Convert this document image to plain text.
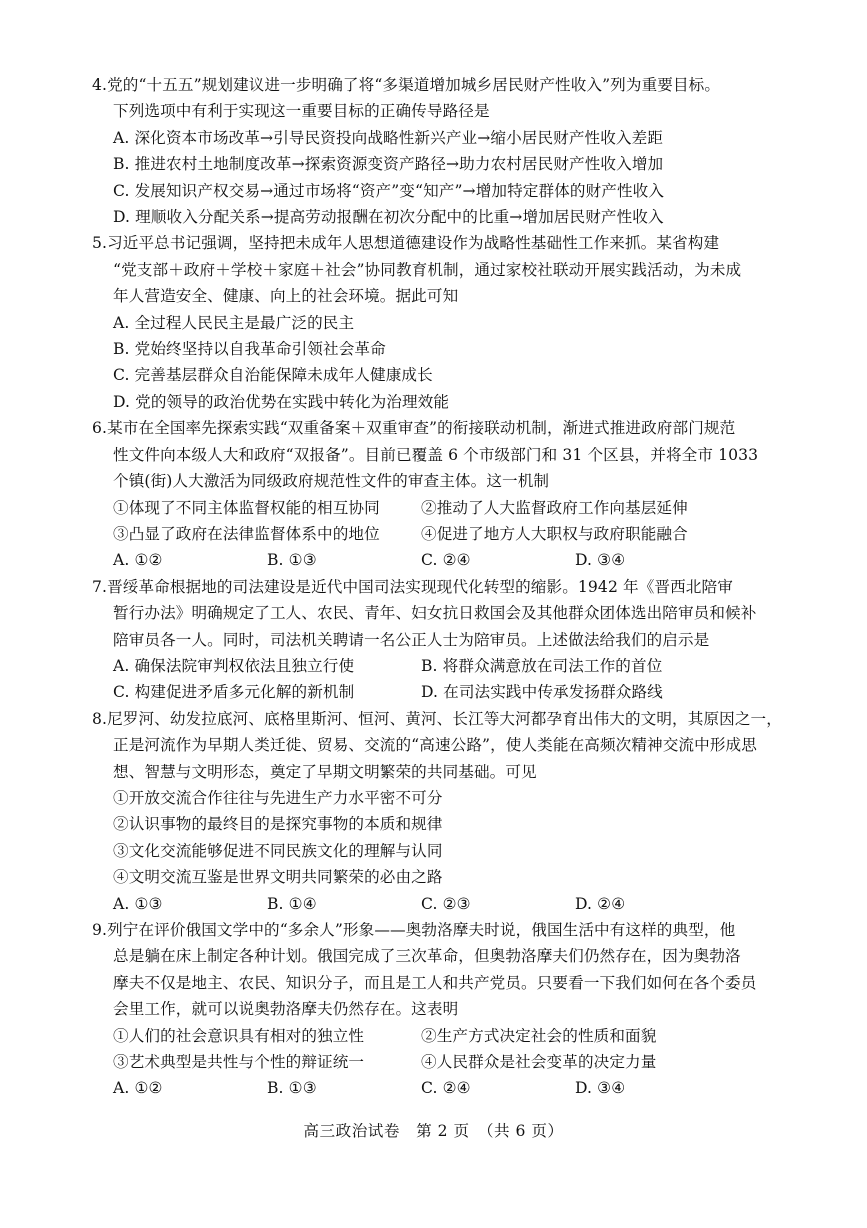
4.党的“十五五”规划建议进一步明确了将“多渠道增加城乡居民财产性收入”列为重要目标。
下列选项中有利于实现这一重要目标的正确传导路径是
A. 深化资本市场改革→引导民资投向战略性新兴产业→缩小居民财产性收入差距
B. 推进农村土地制度改革→探索资源变资产路径→助力农村居民财产性收入增加
C. 发展知识产权交易→通过市场将“资产”变“知产”→增加特定群体的财产性收入
D. 理顺收入分配关系→提高劳动报酬在初次分配中的比重→增加居民财产性收入
5.习近平总书记强调，坚持把未成年人思想道德建设作为战略性基础性工作来抓。某省构建
“党支部＋政府＋学校＋家庭＋社会”协同教育机制，通过家校社联动开展实践活动，为未成
年人营造安全、健康、向上的社会环境。据此可知
A. 全过程人民民主是最广泛的民主
B. 党始终坚持以自我革命引领社会革命
C. 完善基层群众自治能保障未成年人健康成长
D. 党的领导的政治优势在实践中转化为治理效能
6.某市在全国率先探索实践“双重备案＋双重审查”的衔接联动机制，渐进式推进政府部门规范
性文件向本级人大和政府“双报备”。目前已覆盖 6 个市级部门和 31 个区县，并将全市 1033
个镇(街)人大激活为同级政府规范性文件的审查主体。这一机制
①体现了不同主体监督权能的相互协同	②推动了人大监督政府工作向基层延伸
③凸显了政府在法律监督体系中的地位	④促进了地方人大职权与政府职能融合
A. ①②	B. ①③	C. ②④	D. ③④
7.晋绥革命根据地的司法建设是近代中国司法实现现代化转型的缩影。1942 年《晋西北陪审
暂行办法》明确规定了工人、农民、青年、妇女抗日救国会及其他群众团体选出陪审员和候补
陪审员各一人。同时，司法机关聘请一名公正人士为陪审员。上述做法给我们的启示是
A. 确保法院审判权依法且独立行使	B. 将群众满意放在司法工作的首位
C. 构建促进矛盾多元化解的新机制	D. 在司法实践中传承发扬群众路线
8.尼罗河、幼发拉底河、底格里斯河、恒河、黄河、长江等大河都孕育出伟大的文明，其原因之一，
正是河流作为早期人类迁徙、贸易、交流的“高速公路”，使人类能在高频次精神交流中形成思
想、智慧与文明形态，奠定了早期文明繁荣的共同基础。可见
①开放交流合作往往与先进生产力水平密不可分
②认识事物的最终目的是探究事物的本质和规律
③文化交流能够促进不同民族文化的理解与认同
④文明交流互鉴是世界文明共同繁荣的必由之路
A. ①③	B. ①④	C. ②③	D. ②④
9.列宁在评价俄国文学中的“多余人”形象——奥勃洛摩夫时说，俄国生活中有这样的典型，他
总是躺在床上制定各种计划。俄国完成了三次革命，但奥勃洛摩夫们仍然存在，因为奥勃洛
摩夫不仅是地主、农民、知识分子，而且是工人和共产党员。只要看一下我们如何在各个委员
会里工作，就可以说奥勃洛摩夫仍然存在。这表明
①人们的社会意识具有相对的独立性	②生产方式决定社会的性质和面貌
③艺术典型是共性与个性的辩证统一	④人民群众是社会变革的决定力量
A. ①②	B. ①③	C. ②④	D. ③④
高三政治试卷　第 2 页　（共 6 页）
